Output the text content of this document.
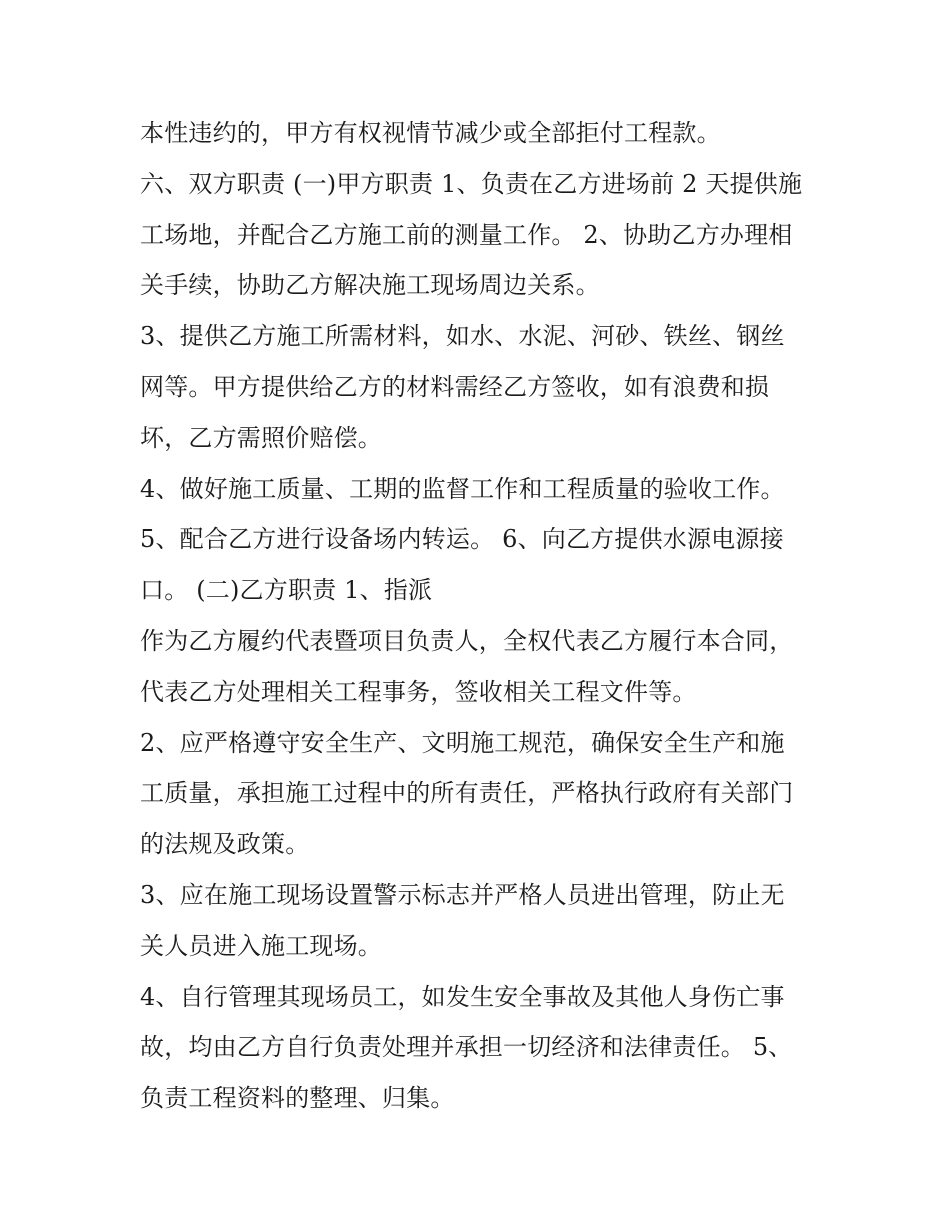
本性违约的，甲方有权视情节减少或全部拒付工程款。
六、双方职责 (一)甲方职责 1、负责在乙方进场前 2 天提供施
工场地，并配合乙方施工前的测量工作。 2、协助乙方办理相
关手续，协助乙方解决施工现场周边关系。
3、提供乙方施工所需材料，如水、水泥、河砂、铁丝、钢丝
网等。甲方提供给乙方的材料需经乙方签收，如有浪费和损
坏，乙方需照价赔偿。
4、做好施工质量、工期的监督工作和工程质量的验收工作。
5、配合乙方进行设备场内转运。 6、向乙方提供水源电源接
口。 (二)乙方职责 1、指派
作为乙方履约代表暨项目负责人，全权代表乙方履行本合同，
代表乙方处理相关工程事务，签收相关工程文件等。
2、应严格遵守安全生产、文明施工规范，确保安全生产和施
工质量，承担施工过程中的所有责任，严格执行政府有关部门
的法规及政策。
3、应在施工现场设置警示标志并严格人员进出管理，防止无
关人员进入施工现场。
4、自行管理其现场员工，如发生安全事故及其他人身伤亡事
故，均由乙方自行负责处理并承担一切经济和法律责任。 5、
负责工程资料的整理、归集。
